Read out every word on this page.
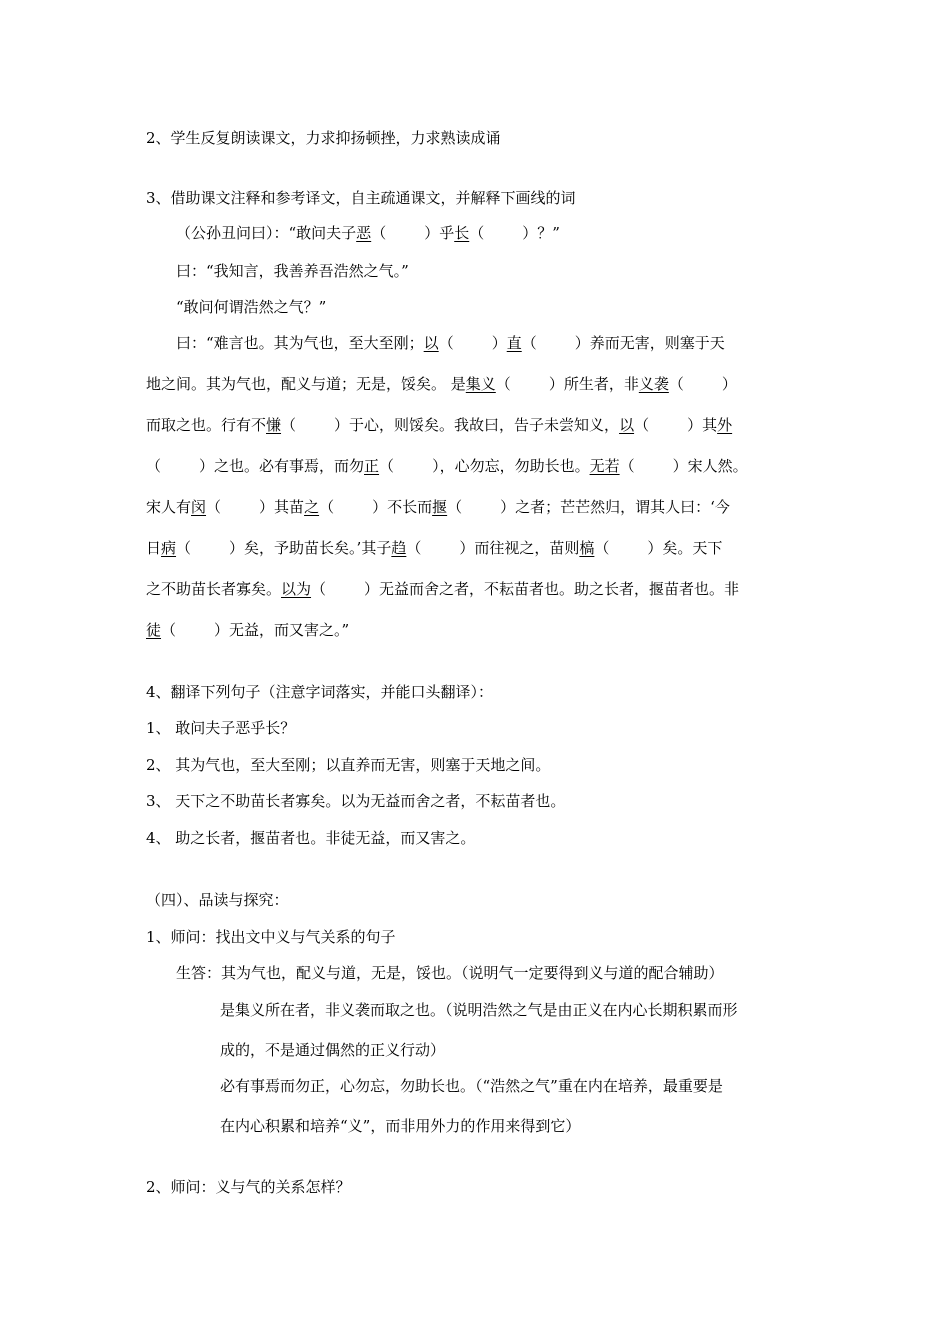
2、学生反复朗读课文，力求抑扬顿挫，力求熟读成诵
3、借助课文注释和参考译文，自主疏通课文，并解释下画线的词
（公孙丑问曰）：“敢问夫子恶（	）乎长（	）？”
曰：“我知言，我善养吾浩然之气。”
“敢问何谓浩然之气？”
曰：“难言也。其为气也，至大至刚；以（	）直（	）养而无害，则塞于天
地之间。其为气也，配义与道；无是，馁矣。 是集义（	）所生者，非义袭（	）
而取之也。行有不慊（	）于心，则馁矣。我故曰，告子未尝知义，以（	）其外
（	）之也。必有事焉，而勿正（	），心勿忘，勿助长也。无若（	）宋人然。
宋人有闵（	）其苗之（	）不长而揠（	）之者；芒芒然归，谓其人曰：‘今
日病（	）矣，予助苗长矣。’其子趋（	）而往视之，苗则槁（	）矣。天下
之不助苗长者寡矣。以为（	）无益而舍之者，不耘苗者也。助之长者，揠苗者也。非
徒（	）无益，而又害之。”
4、翻译下列句子（注意字词落实，并能口头翻译）：
1、 敢问夫子恶乎长？
2、 其为气也，至大至刚；以直养而无害，则塞于天地之间。
3、 天下之不助苗长者寡矣。以为无益而舍之者，不耘苗者也。
4、 助之长者，揠苗者也。非徒无益，而又害之。
（四）、品读与探究：
1、师问：找出文中义与气关系的句子
生答：其为气也，配义与道，无是，馁也。（说明气一定要得到义与道的配合辅助）
是集义所在者，非义袭而取之也。（说明浩然之气是由正义在内心长期积累而形
成的，不是通过偶然的正义行动）
必有事焉而勿正，心勿忘，勿助长也。（“浩然之气”重在内在培养，最重要是
在内心积累和培养“义”，而非用外力的作用来得到它）
2、师问：义与气的关系怎样？
